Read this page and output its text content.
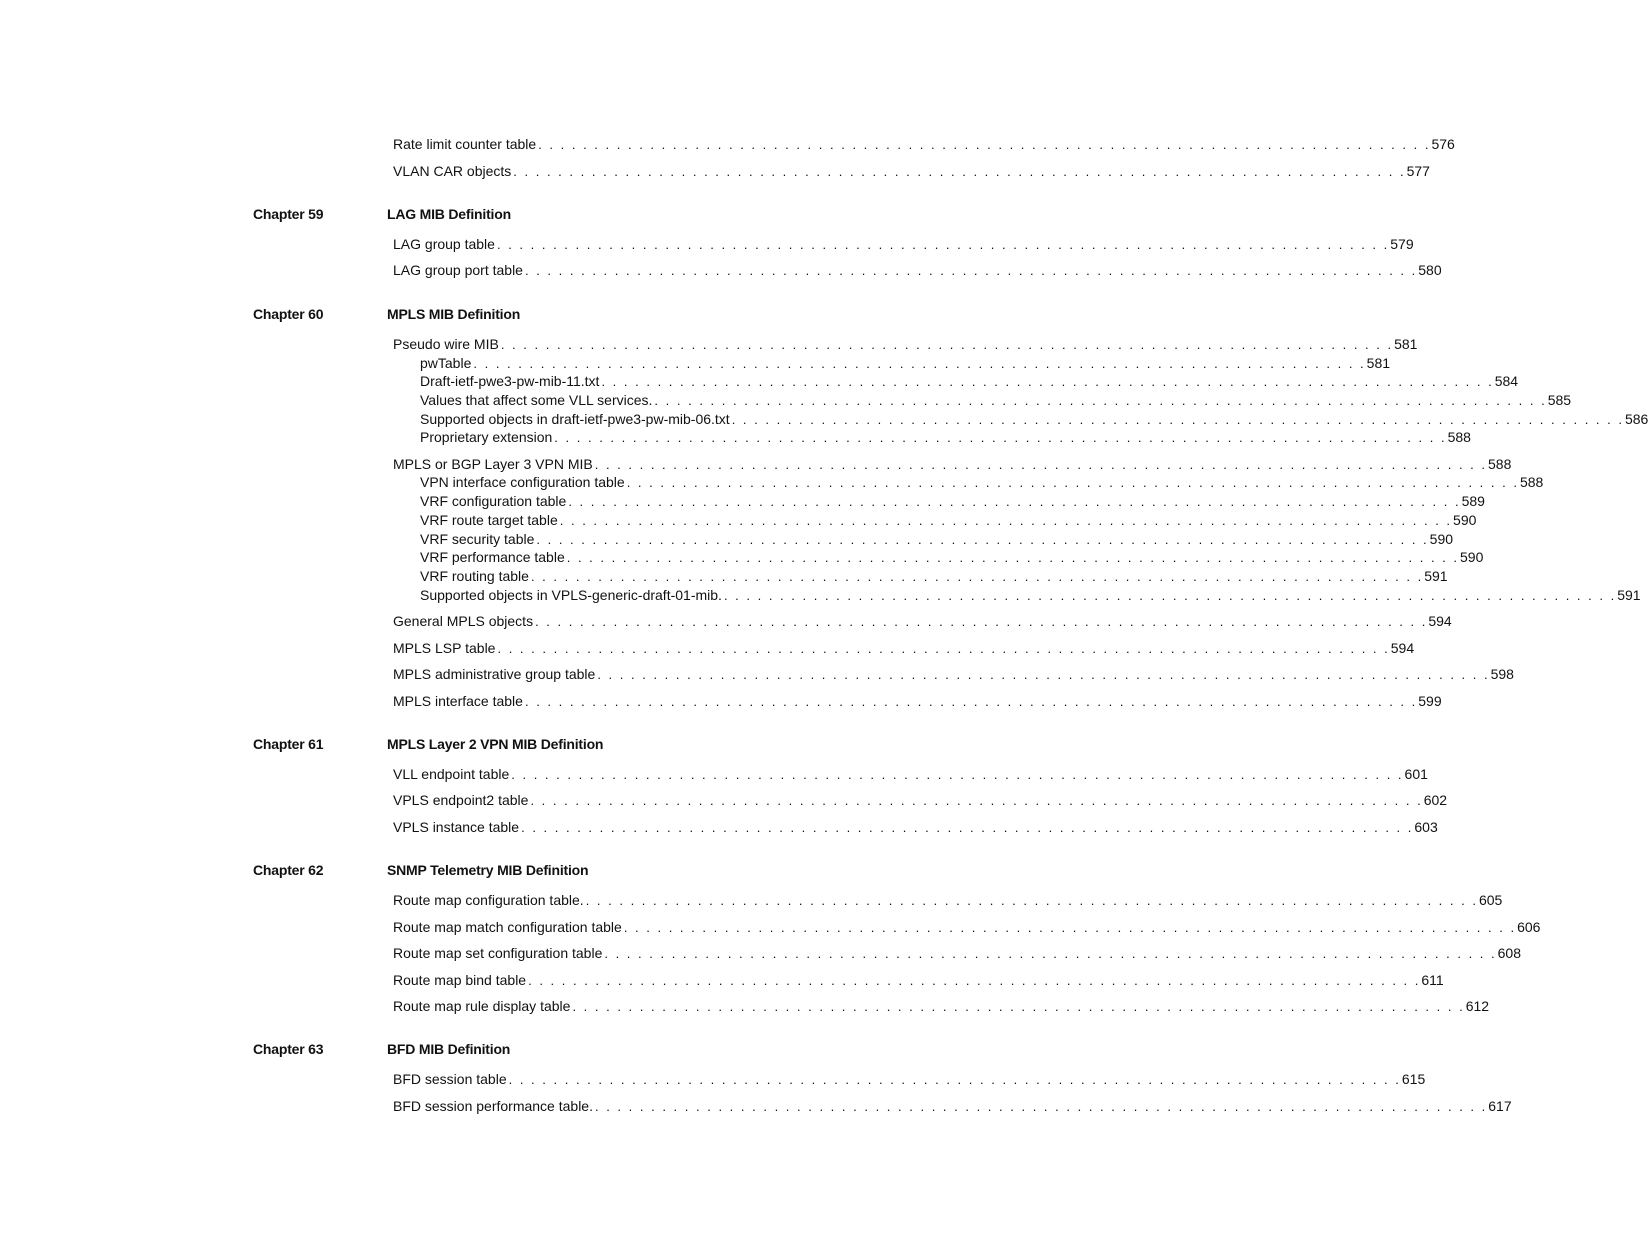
Rate limit counter table . . . . . . . . . . . . . . . . . . . . . . . . . . . . . . . . . . . . . . . . . . . . . . . . . . . . . . . . . . . . . . . . . . . . . . . . . . . . . . . . 576
VLAN CAR objects . . . . . . . . . . . . . . . . . . . . . . . . . . . . . . . . . . . . . . . . . . . . . . . . . . . . . . . . . . . . . . . . . . . . . . . . . . . . . . . . 577
Chapter 59	LAG MIB Definition
LAG group table . . . . . . . . . . . . . . . . . . . . . . . . . . . . . . . . . . . . . . . . . . . . . . . . . . . . . . . . . . . . . . . . . . . . . . . . . . . . . . . . 579
LAG group port table . . . . . . . . . . . . . . . . . . . . . . . . . . . . . . . . . . . . . . . . . . . . . . . . . . . . . . . . . . . . . . . . . . . . . . . . . . . . . . . . 580
Chapter 60	MPLS MIB Definition
Pseudo wire MIB . . . . . . . . . . . . . . . . . . . . . . . . . . . . . . . . . . . . . . . . . . . . . . . . . . . . . . . . . . . . . . . . . . . . . . . . . . . . . . . . 581
pwTable . . . . . . . . . . . . . . . . . . . . . . . . . . . . . . . . . . . . . . . . . . . . . . . . . . . . . . . . . . . . . . . . . . . . . . . . . . . . . . . . 581
Draft-ietf-pwe3-pw-mib-11.txt . . . . . . . . . . . . . . . . . . . . . . . . . . . . . . . . . . . . . . . . . . . . . . . . . . . . . . . . . . . . . . . . . . . . . . . . . . . . . . . . 584
Values that affect some VLL services. . . . . . . . . . . . . . . . . . . . . . . . . . . . . . . . . . . . . . . . . . . . . . . . . . . . . . . . . . . . . . . . . . . . . . . . . . . . . . . . . 585
Supported objects in draft-ietf-pwe3-pw-mib-06.txt . . . . . . . . . . . . . . . . . . . . . . . . . . . . . . . . . . . . . . . . . . . . . . . . . . . . . . . . . . . . . . . . . . . . . . . . . . . . . . . . 586
Proprietary extension . . . . . . . . . . . . . . . . . . . . . . . . . . . . . . . . . . . . . . . . . . . . . . . . . . . . . . . . . . . . . . . . . . . . . . . . . . . . . . . . 588
MPLS or BGP Layer 3 VPN MIB . . . . . . . . . . . . . . . . . . . . . . . . . . . . . . . . . . . . . . . . . . . . . . . . . . . . . . . . . . . . . . . . . . . . . . . . . . . . . . . . 588
VPN interface configuration table . . . . . . . . . . . . . . . . . . . . . . . . . . . . . . . . . . . . . . . . . . . . . . . . . . . . . . . . . . . . . . . . . . . . . . . . . . . . . . . . 588
VRF configuration table . . . . . . . . . . . . . . . . . . . . . . . . . . . . . . . . . . . . . . . . . . . . . . . . . . . . . . . . . . . . . . . . . . . . . . . . . . . . . . . . 589
VRF route target table . . . . . . . . . . . . . . . . . . . . . . . . . . . . . . . . . . . . . . . . . . . . . . . . . . . . . . . . . . . . . . . . . . . . . . . . . . . . . . . . 590
VRF security table . . . . . . . . . . . . . . . . . . . . . . . . . . . . . . . . . . . . . . . . . . . . . . . . . . . . . . . . . . . . . . . . . . . . . . . . . . . . . . . . 590
VRF performance table . . . . . . . . . . . . . . . . . . . . . . . . . . . . . . . . . . . . . . . . . . . . . . . . . . . . . . . . . . . . . . . . . . . . . . . . . . . . . . . . 590
VRF routing table . . . . . . . . . . . . . . . . . . . . . . . . . . . . . . . . . . . . . . . . . . . . . . . . . . . . . . . . . . . . . . . . . . . . . . . . . . . . . . . . 591
Supported objects in VPLS-generic-draft-01-mib. . . . . . . . . . . . . . . . . . . . . . . . . . . . . . . . . . . . . . . . . . . . . . . . . . . . . . . . . . . . . . . . . . . . . . . . . . . . . . . . . 591
General MPLS objects . . . . . . . . . . . . . . . . . . . . . . . . . . . . . . . . . . . . . . . . . . . . . . . . . . . . . . . . . . . . . . . . . . . . . . . . . . . . . . . . 594
MPLS LSP table . . . . . . . . . . . . . . . . . . . . . . . . . . . . . . . . . . . . . . . . . . . . . . . . . . . . . . . . . . . . . . . . . . . . . . . . . . . . . . . . 594
MPLS administrative group table . . . . . . . . . . . . . . . . . . . . . . . . . . . . . . . . . . . . . . . . . . . . . . . . . . . . . . . . . . . . . . . . . . . . . . . . . . . . . . . . 598
MPLS interface table . . . . . . . . . . . . . . . . . . . . . . . . . . . . . . . . . . . . . . . . . . . . . . . . . . . . . . . . . . . . . . . . . . . . . . . . . . . . . . . . 599
Chapter 61	MPLS Layer 2 VPN MIB Definition
VLL endpoint table . . . . . . . . . . . . . . . . . . . . . . . . . . . . . . . . . . . . . . . . . . . . . . . . . . . . . . . . . . . . . . . . . . . . . . . . . . . . . . . . 601
VPLS endpoint2 table . . . . . . . . . . . . . . . . . . . . . . . . . . . . . . . . . . . . . . . . . . . . . . . . . . . . . . . . . . . . . . . . . . . . . . . . . . . . . . . . 602
VPLS instance table . . . . . . . . . . . . . . . . . . . . . . . . . . . . . . . . . . . . . . . . . . . . . . . . . . . . . . . . . . . . . . . . . . . . . . . . . . . . . . . . 603
Chapter 62	SNMP Telemetry MIB Definition
Route map configuration table. . . . . . . . . . . . . . . . . . . . . . . . . . . . . . . . . . . . . . . . . . . . . . . . . . . . . . . . . . . . . . . . . . . . . . . . . . . . . . . . . 605
Route map match configuration table . . . . . . . . . . . . . . . . . . . . . . . . . . . . . . . . . . . . . . . . . . . . . . . . . . . . . . . . . . . . . . . . . . . . . . . . . . . . . . . . 606
Route map set configuration table . . . . . . . . . . . . . . . . . . . . . . . . . . . . . . . . . . . . . . . . . . . . . . . . . . . . . . . . . . . . . . . . . . . . . . . . . . . . . . . . 608
Route map bind table . . . . . . . . . . . . . . . . . . . . . . . . . . . . . . . . . . . . . . . . . . . . . . . . . . . . . . . . . . . . . . . . . . . . . . . . . . . . . . . . 611
Route map rule display table . . . . . . . . . . . . . . . . . . . . . . . . . . . . . . . . . . . . . . . . . . . . . . . . . . . . . . . . . . . . . . . . . . . . . . . . . . . . . . . . 612
Chapter 63	BFD MIB Definition
BFD session table . . . . . . . . . . . . . . . . . . . . . . . . . . . . . . . . . . . . . . . . . . . . . . . . . . . . . . . . . . . . . . . . . . . . . . . . . . . . . . . . 615
BFD session performance table. . . . . . . . . . . . . . . . . . . . . . . . . . . . . . . . . . . . . . . . . . . . . . . . . . . . . . . . . . . . . . . . . . . . . . . . . . . . . . . . . 617
